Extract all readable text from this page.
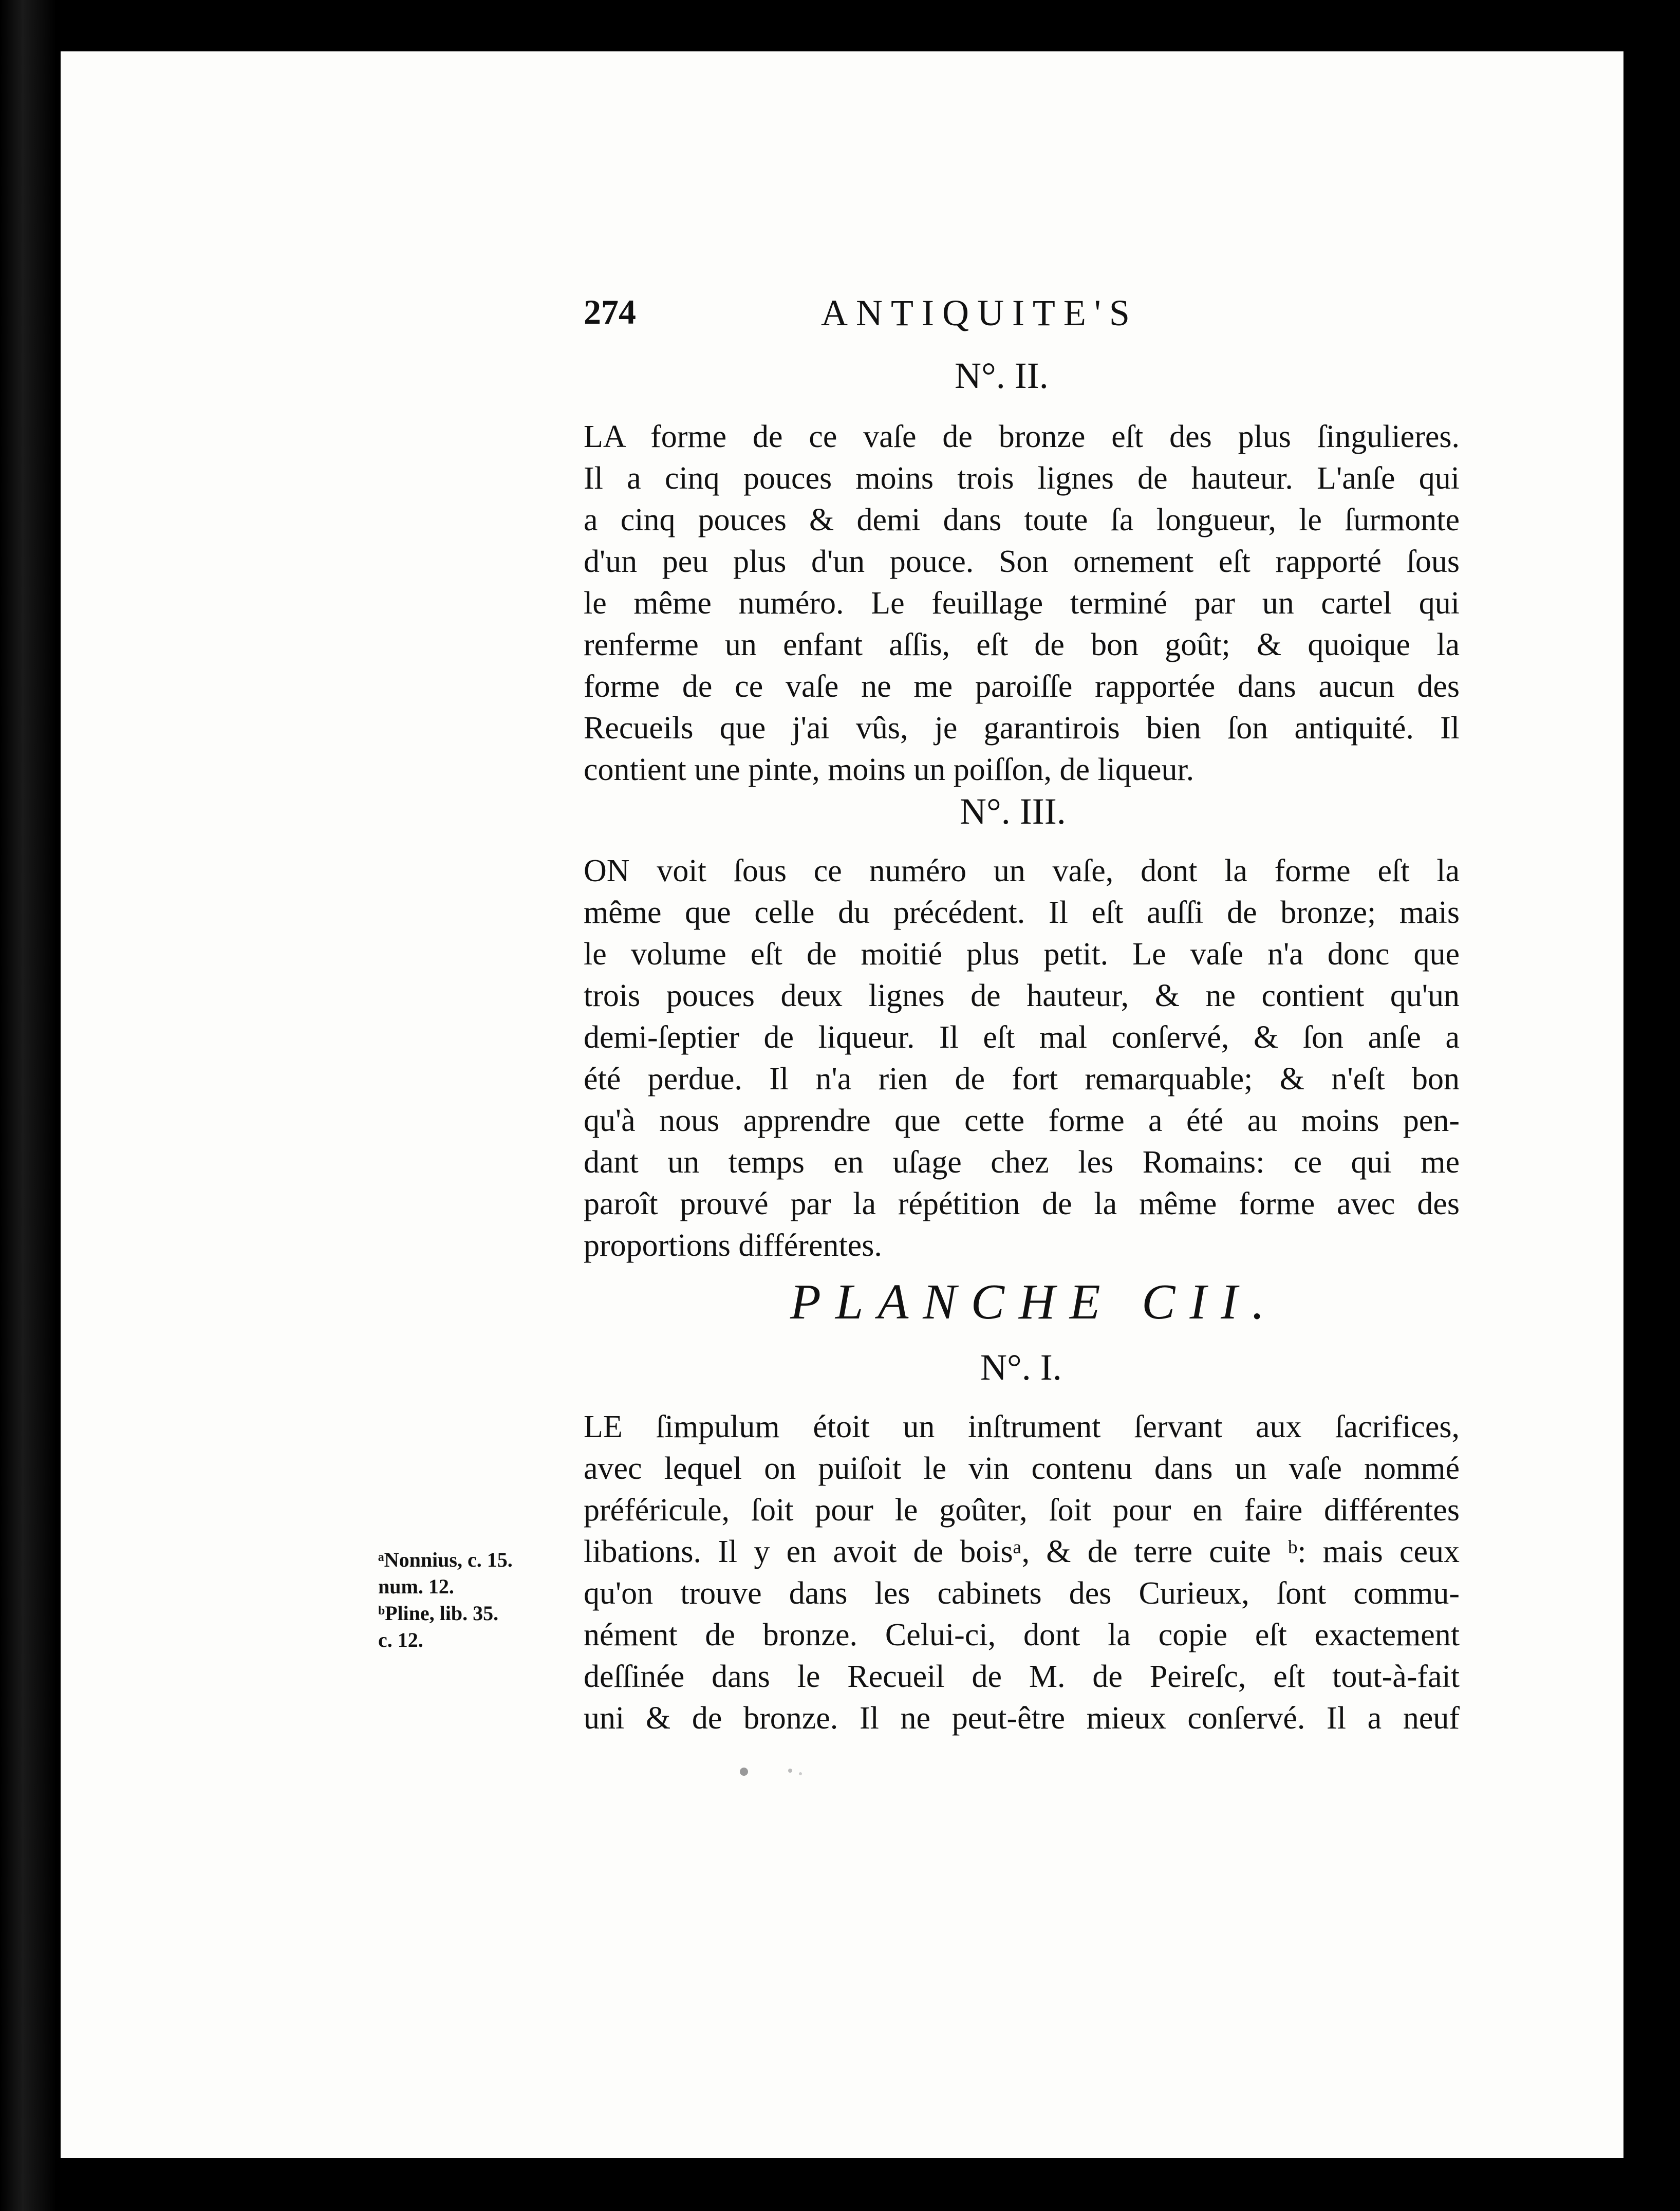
274	ANTIQUITE'S
N°. II.
LA forme de ce vaſe de bronze eſt des plus ſingulieres.
Il a cinq pouces moins trois lignes de hauteur. L'anſe qui
a cinq pouces & demi dans toute ſa longueur, le ſurmonte
d'un peu plus d'un pouce. Son ornement eſt rapporté ſous
le même numéro. Le feuillage terminé par un cartel qui
renferme un enfant aſſis, eſt de bon goût; & quoique la
forme de ce vaſe ne me paroiſſe rapportée dans aucun des
Recueils que j'ai vûs, je garantirois bien ſon antiquité. Il
contient une pinte, moins un poiſſon, de liqueur.
N°. III.
ON voit ſous ce numéro un vaſe, dont la forme eſt la
même que celle du précédent. Il eſt auſſi de bronze; mais
le volume eſt de moitié plus petit. Le vaſe n'a donc que
trois pouces deux lignes de hauteur, & ne contient qu'un
demi-ſeptier de liqueur. Il eſt mal conſervé, & ſon anſe a
été perdue. Il n'a rien de fort remarquable; & n'eſt bon
qu'à nous apprendre que cette forme a été au moins pen-
dant un temps en uſage chez les Romains: ce qui me
paroît prouvé par la répétition de la même forme avec des
proportions différentes.
PLANCHE CII.
N°. I.
LE ſimpulum étoit un inſtrument ſervant aux ſacrifices,
avec lequel on puiſoit le vin contenu dans un vaſe nommé
préféricule, ſoit pour le goûter, ſoit pour en faire différentes
libations. Il y en avoit de boisᵃ, & de terre cuite ᵇ: mais ceux
qu'on trouve dans les cabinets des Curieux, ſont commu-
nément de bronze. Celui-ci, dont la copie eſt exactement
deſſinée dans le Recueil de M. de Peireſc, eſt tout-à-fait
uni & de bronze. Il ne peut-être mieux conſervé. Il a neuf
ᵃNonnius, c. 15.
num. 12.
ᵇPline, lib. 35.
c. 12.
